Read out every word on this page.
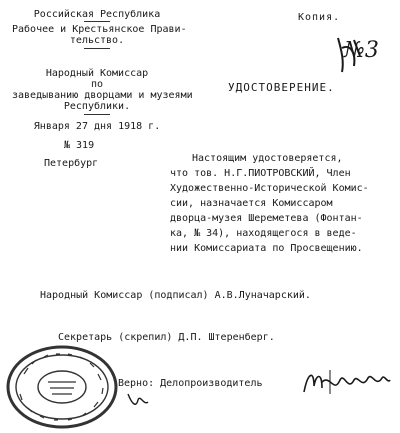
Российская Республика
Рабочее и Крестьянское Прави-
тельство.
Народный Комиссар
по
заведыванию дворцами и музеями
Республики.
Января 27 дня 1918 г.
№ 319
Петербург
Копия.
№3
УДОСТОВЕРЕНИЕ.
Настоящим удостоверяется,
что тов. Н.Г.ПИОТРОВСКИЙ, Член
Художественно-Исторической Комис-
сии, назначается Комиссаром
дворца-музея Шереметева (Фонтан-
ка, № 34), находящегося в веде-
нии Комиссариата по Просвещению.
Народный Комиссар (подписал) А.В.Луначарский.
Секретарь (скрепил) Д.П. Штеренберг.
Верно: Делопроизводитель
